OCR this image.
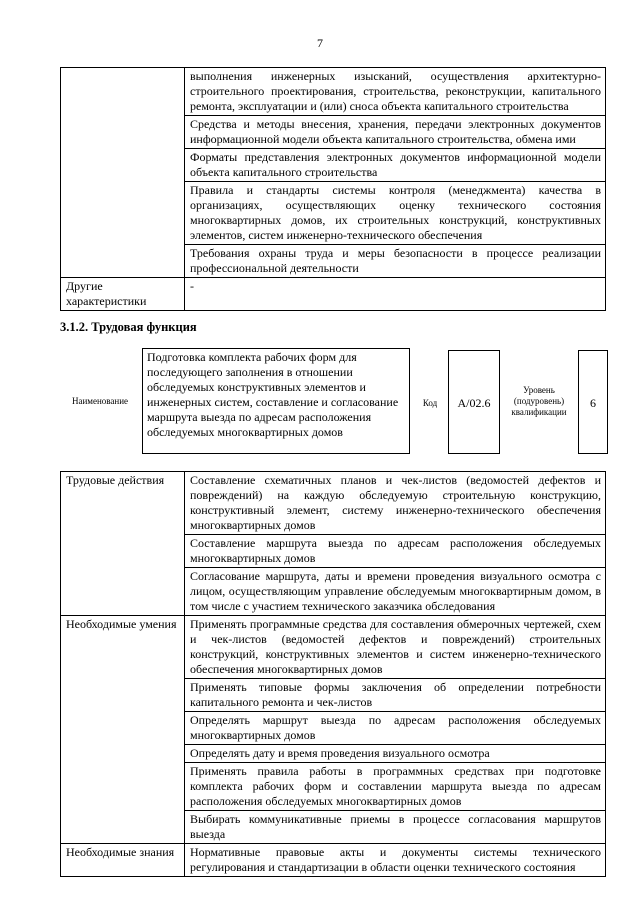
7
	выполнения инженерных изысканий, осуществления архитектурно-строительного проектирования, строительства, реконструкции, капитального ремонта, эксплуатации и (или) сноса объекта капитального строительства
	Средства и методы внесения, хранения, передачи электронных документов информационной модели объекта капитального строительства, обмена ими
	Форматы представления электронных документов информационной модели объекта капитального строительства
	Правила и стандарты системы контроля (менеджмента) качества в организациях, осуществляющих оценку технического состояния многоквартирных домов, их строительных конструкций, конструктивных элементов, систем инженерно-технического обеспечения
	Требования охраны труда и меры безопасности в процессе реализации профессиональной деятельности
Другие характеристики	-
3.1.2. Трудовая функция
Наименование
Подготовка комплекта рабочих форм для последующего заполнения в отношении обследуемых конструктивных элементов и инженерных систем, составление и согласование маршрута выезда по адресам расположения обследуемых многоквартирных домов
Код	A/02.6
Уровень (подуровень) квалификации
6
Трудовые действия	Составление схематичных планов и чек-листов (ведомостей дефектов и повреждений) на каждую обследуемую строительную конструкцию, конструктивный элемент, систему инженерно-технического обеспечения многоквартирных домов
	Составление маршрута выезда по адресам расположения обследуемых многоквартирных домов
	Согласование маршрута, даты и времени проведения визуального осмотра с лицом, осуществляющим управление обследуемым многоквартирным домом, в том числе с участием технического заказчика обследования
Необходимые умения	Применять программные средства для составления обмерочных чертежей, схем и чек-листов (ведомостей дефектов и повреждений) строительных конструкций, конструктивных элементов и систем инженерно-технического обеспечения многоквартирных домов
	Применять типовые формы заключения об определении потребности капитального ремонта и чек-листов
	Определять маршрут выезда по адресам расположения обследуемых многоквартирных домов
	Определять дату и время проведения визуального осмотра
	Применять правила работы в программных средствах при подготовке комплекта рабочих форм и составлении маршрута выезда по адресам расположения обследуемых многоквартирных домов
	Выбирать коммуникативные приемы в процессе согласования маршрутов выезда
Необходимые знания	Нормативные правовые акты и документы системы технического регулирования и стандартизации в области оценки технического состояния
